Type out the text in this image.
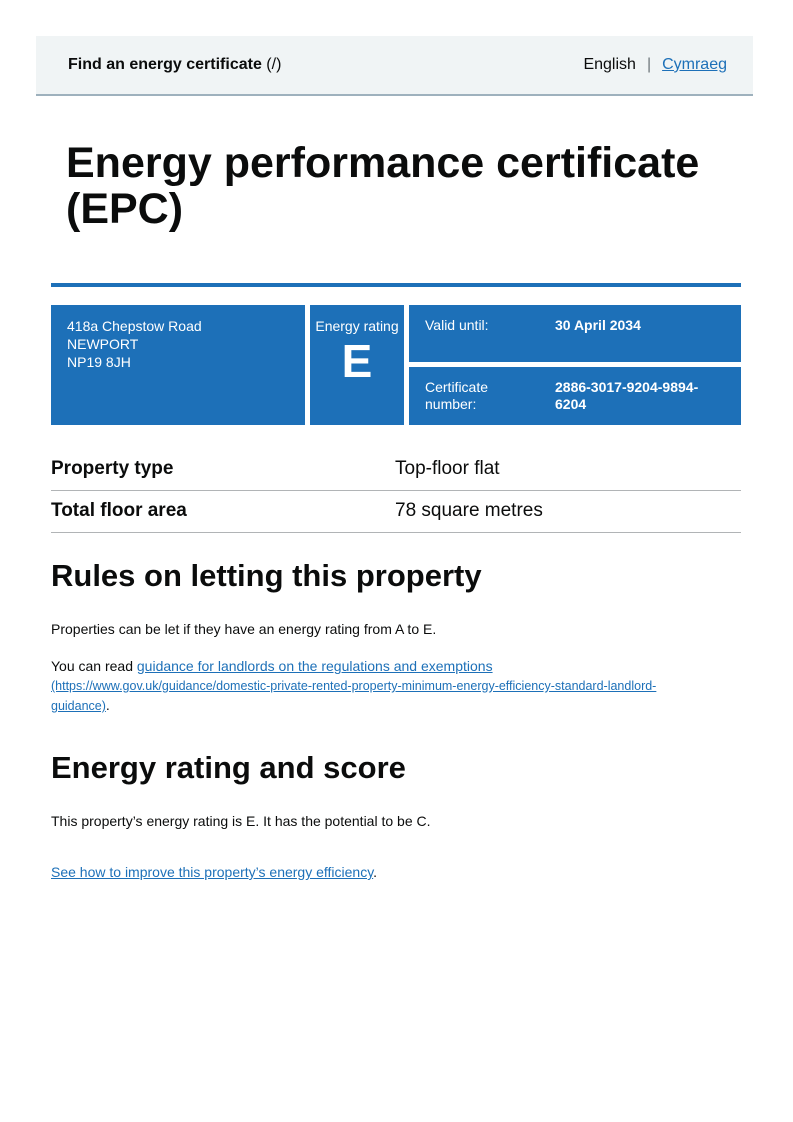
Find an energy certificate (/)	English | Cymraeg
Energy performance certificate (EPC)
418a Chepstow Road
NEWPORT
NP19 8JH
Energy rating
E
Valid until:	30 April 2034
Certificate number:
2886-3017-9204-9894-6204
Property type	Top-floor flat
Total floor area	78 square metres
Rules on letting this property

Properties can be let if they have an energy rating from A to E.

You can read guidance for landlords on the regulations and exemptions (https://www.gov.uk/guidance/domestic-private-rented-property-minimum-energy-efficiency-standard-landlord-guidance).

Energy rating and score

This property’s energy rating is E. It has the potential to be C.

See how to improve this property’s energy efficiency.
